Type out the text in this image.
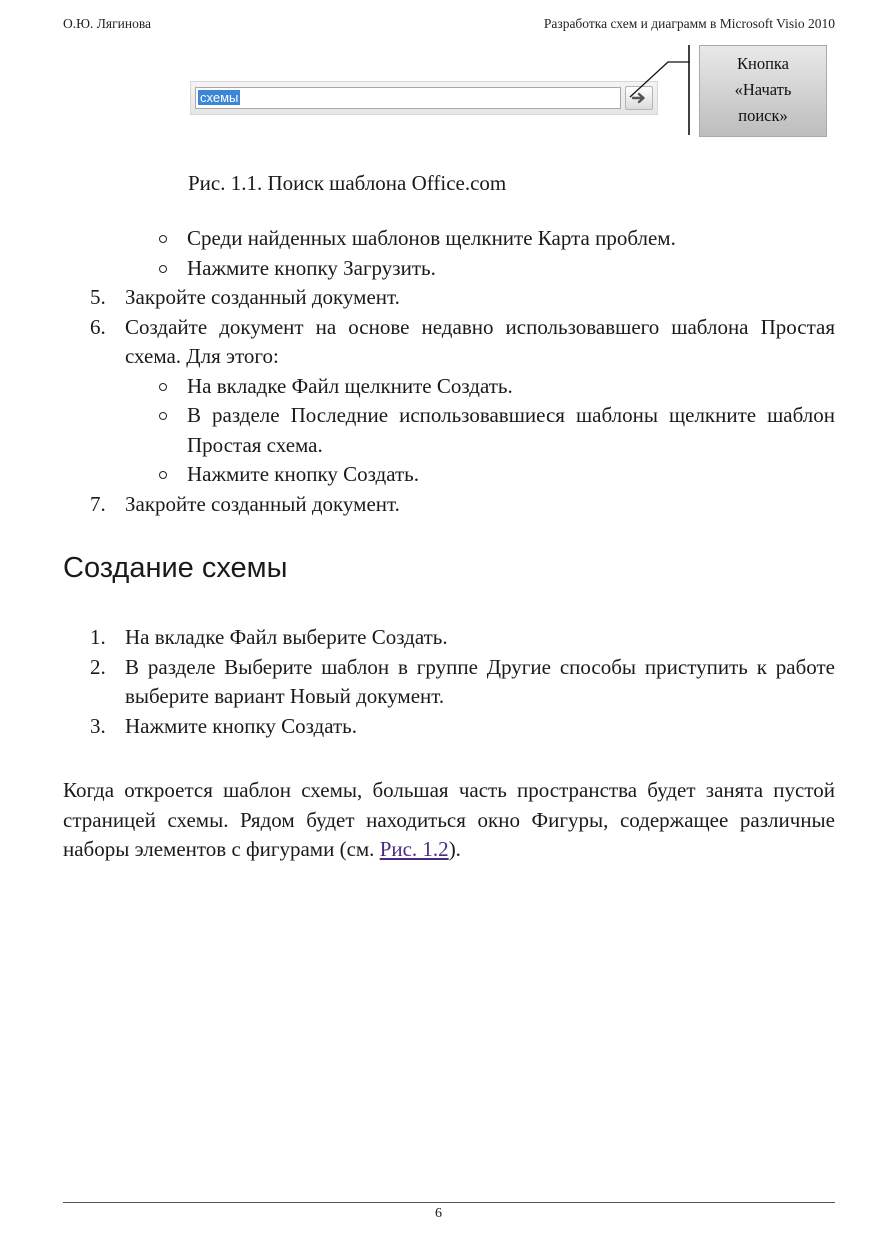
О.Ю. Лягинова	Разработка схем и диаграмм в Microsoft Visio 2010
схемы
Кнопка
«Начать
поиск»
Рис. 1.1. Поиск шаблона Office.com
Среди найденных шаблонов щелкните Карта проблем.
Нажмите кнопку Загрузить.
5. Закройте созданный документ.
6. Создайте документ на основе недавно использовавшего шаблона Простая схема. Для этого:
На вкладке Файл щелкните Создать.
В разделе Последние использовавшиеся шаблоны щелкните шаблон Простая схема.
Нажмите кнопку Создать.
7. Закройте созданный документ.
Создание схемы
1. На вкладке Файл выберите Создать.
2. В разделе Выберите шаблон в группе Другие способы приступить к работе выберите вариант Новый документ.
3. Нажмите кнопку Создать.
Когда откроется шаблон схемы, большая часть пространства будет занята пустой страницей схемы. Рядом будет находиться окно Фигуры, содержащее различные наборы элементов с фигурами (см. Рис. 1.2).
6
